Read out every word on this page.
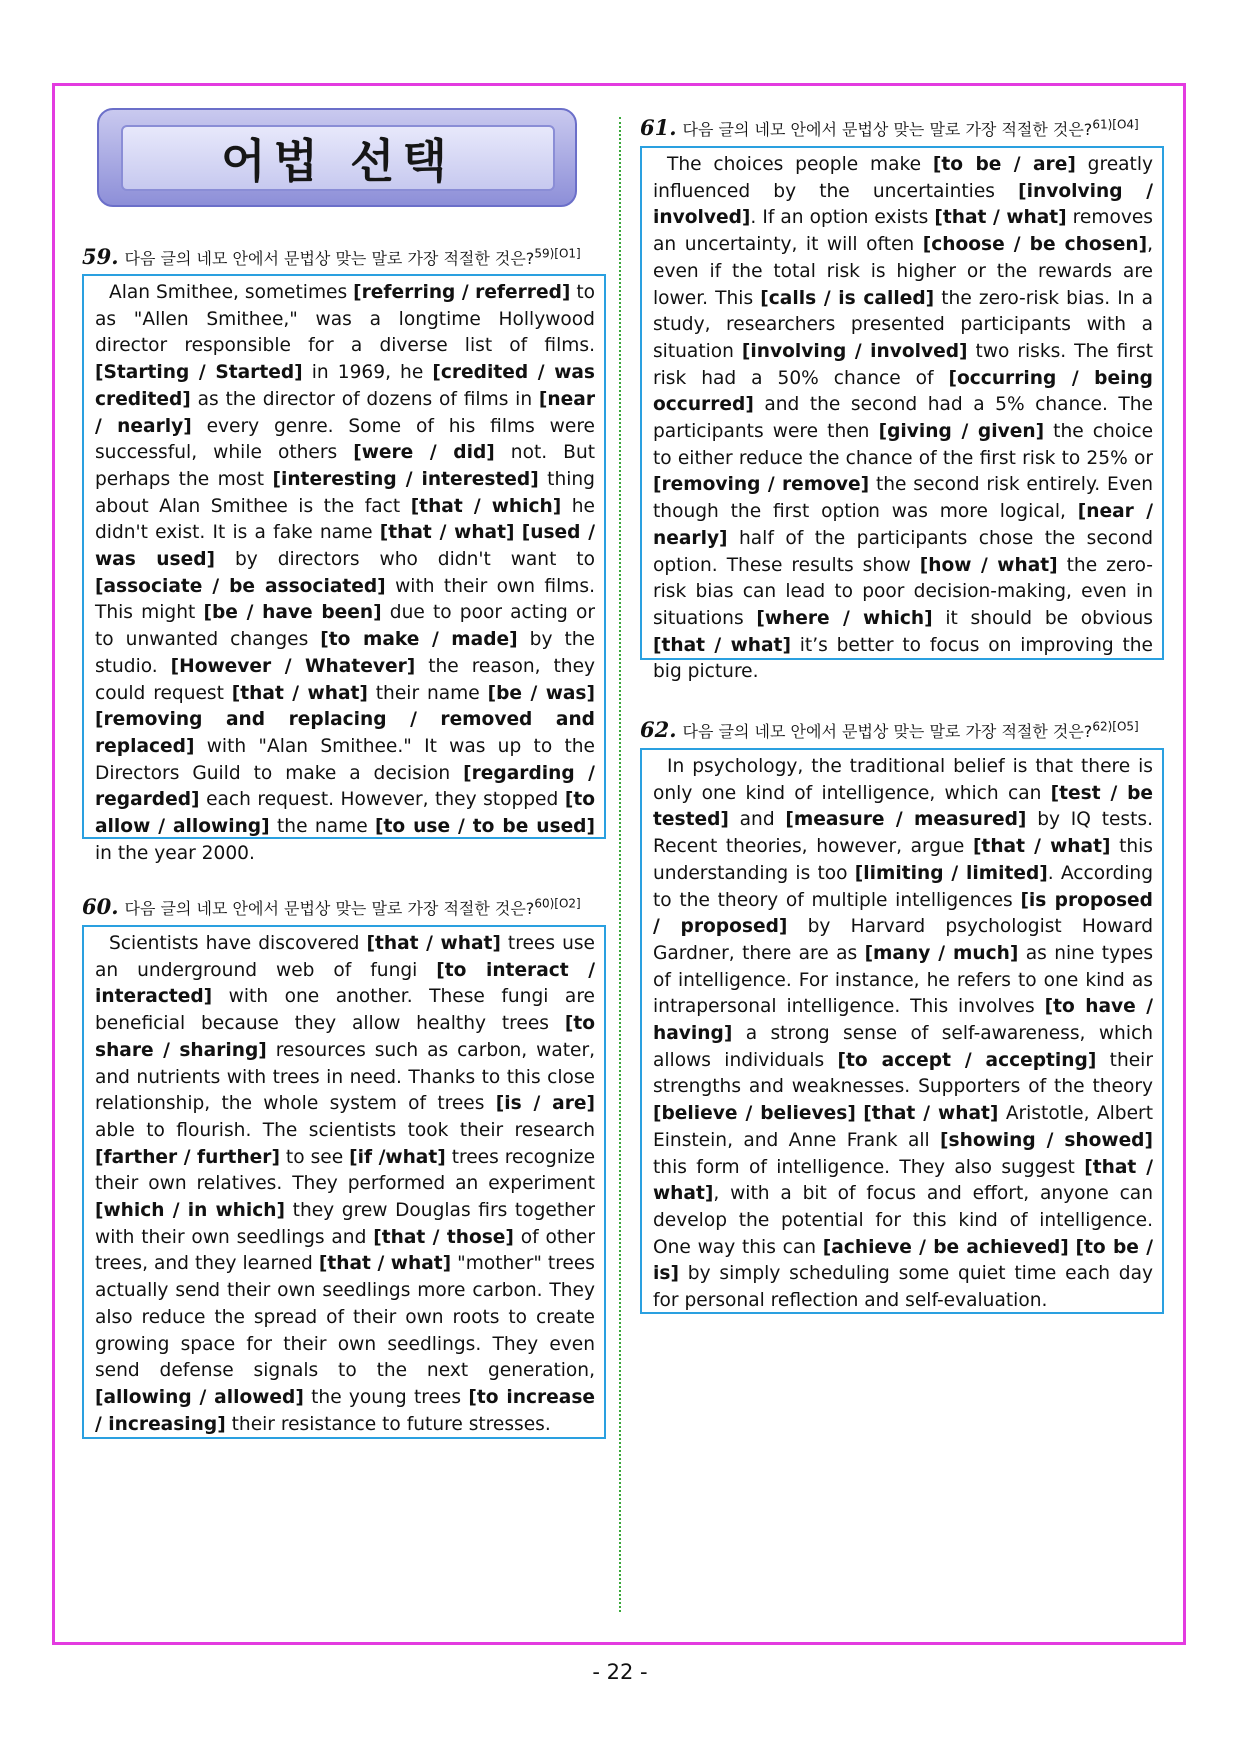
어법 선택
59. 다음 글의 네모 안에서 문법상 맞는 말로 가장 적절한 것은?$^{59)[O1]}$

Alan Smithee, sometimes [referring / referred] to as "Allen Smithee," was a longtime Hollywood director responsible for a diverse list of films. [Starting / Started] in 1969, he [credited / was credited] as the director of dozens of films in [near / nearly] every genre. Some of his films were successful, while others [were / did] not. But perhaps the most [interesting / interested] thing about Alan Smithee is the fact [that / which] he didn't exist. It is a fake name [that / what] [used / was used] by directors who didn't want to [associate / be associated] with their own films. This might [be / have been] due to poor acting or to unwanted changes [to make / made] by the studio. [However / Whatever] the reason, they could request [that / what] their name [be / was] [removing and replacing / removed and replaced] with "Alan Smithee." It was up to the Directors Guild to make a decision [regarding / regarded] each request. However, they stopped [to allow / allowing] the name [to use / to be used] in the year 2000.

60. 다음 글의 네모 안에서 문법상 맞는 말로 가장 적절한 것은?$^{60)[O2]}$

Scientists have discovered [that / what] trees use an underground web of fungi [to interact / interacted] with one another. These fungi are beneficial because they allow healthy trees [to share / sharing] resources such as carbon, water, and nutrients with trees in need. Thanks to this close relationship, the whole system of trees [is / are] able to flourish. The scientists took their research [farther / further] to see [if /what] trees recognize their own relatives. They performed an experiment [which / in which] they grew Douglas firs together with their own seedlings and [that / those] of other trees, and they learned [that / what] "mother" trees actually send their own seedlings more carbon. They also reduce the spread of their own roots to create growing space for their own seedlings. They even send defense signals to the next generation, [allowing / allowed] the young trees [to increase / increasing] their resistance to future stresses.

61. 다음 글의 네모 안에서 문법상 맞는 말로 가장 적절한 것은?$^{61)[O4]}$

The choices people make [to be / are] greatly influenced by the uncertainties [involving / involved]. If an option exists [that / what] removes an uncertainty, it will often [choose / be chosen], even if the total risk is higher or the rewards are lower. This [calls / is called] the zero-risk bias. In a study, researchers presented participants with a situation [involving / involved] two risks. The first risk had a 50% chance of [occurring / being occurred] and the second had a 5% chance. The participants were then [giving / given] the choice to either reduce the chance of the first risk to 25% or [removing / remove] the second risk entirely. Even though the first option was more logical, [near / nearly] half of the participants chose the second option. These results show [how / what] the zero-risk bias can lead to poor decision-making, even in situations [where / which] it should be obvious [that / what] it’s better to focus on improving the big picture.

62. 다음 글의 네모 안에서 문법상 맞는 말로 가장 적절한 것은?$^{62)[O5]}$

In psychology, the traditional belief is that there is only one kind of intelligence, which can [test / be tested] and [measure / measured] by IQ tests. Recent theories, however, argue [that / what] this understanding is too [limiting / limited]. According to the theory of multiple intelligences [is proposed / proposed] by Harvard psychologist Howard Gardner, there are as [many / much] as nine types of intelligence. For instance, he refers to one kind as intrapersonal intelligence. This involves [to have / having] a strong sense of self-awareness, which allows individuals [to accept / accepting] their strengths and weaknesses. Supporters of the theory [believe / believes] [that / what] Aristotle, Albert Einstein, and Anne Frank all [showing / showed] this form of intelligence. They also suggest [that / what], with a bit of focus and effort, anyone can develop the potential for this kind of intelligence. One way this can [achieve / be achieved] [to be / is] by simply scheduling some quiet time each day for personal reflection and self-evaluation.

- 22 -
